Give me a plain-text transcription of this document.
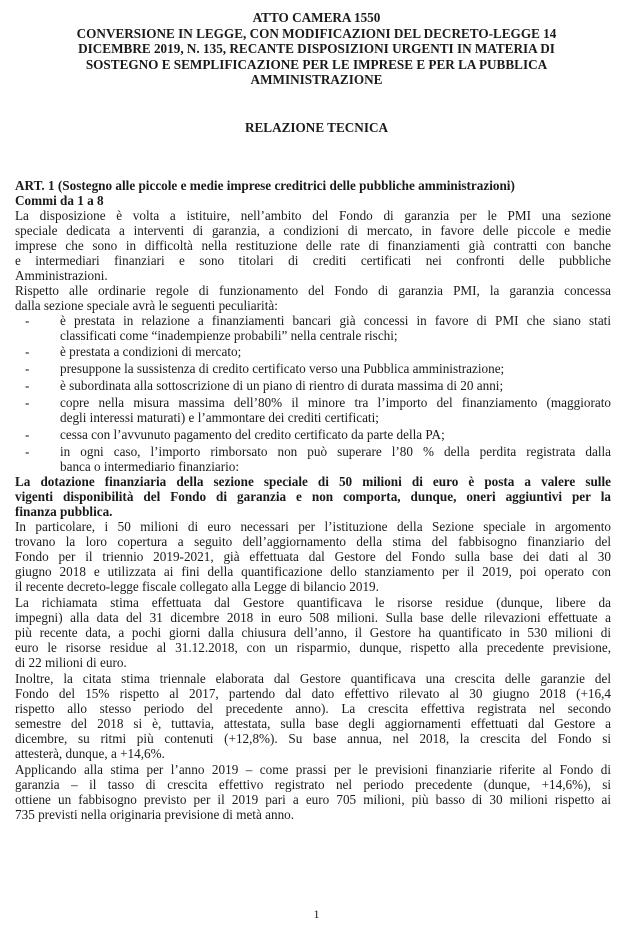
ATTO CAMERA 1550
CONVERSIONE IN LEGGE, CON MODIFICAZIONI DEL DECRETO-LEGGE 14
DICEMBRE 2019, N. 135, RECANTE DISPOSIZIONI URGENTI IN MATERIA DI
SOSTEGNO E SEMPLIFICAZIONE PER LE IMPRESE E PER LA PUBBLICA
AMMINISTRAZIONE
RELAZIONE TECNICA
ART. 1 (Sostegno alle piccole e medie imprese creditrici delle pubbliche amministrazioni)
Commi da 1 a 8
La disposizione è volta a istituire, nell’ambito del Fondo di garanzia per le PMI una sezione
speciale dedicata a interventi di garanzia, a condizioni di mercato, in favore delle piccole e medie
imprese che sono in difficoltà nella restituzione delle rate di finanziamenti già contratti con banche
e intermediari finanziari e sono titolari di crediti certificati nei confronti delle pubbliche
Amministrazioni.
Rispetto alle ordinarie regole di funzionamento del Fondo di garanzia PMI, la garanzia concessa
dalla sezione speciale avrà le seguenti peculiarità:
- è prestata in relazione a finanziamenti bancari già concessi in favore di PMI che siano stati
classificati come “inadempienze probabili” nella centrale rischi;
- è prestata a condizioni di mercato;
- presuppone la sussistenza di credito certificato verso una Pubblica amministrazione;
- è subordinata alla sottoscrizione di un piano di rientro di durata massima di 20 anni;
- copre nella misura massima dell’80% il minore tra l’importo del finanziamento (maggiorato
degli interessi maturati) e l’ammontare dei crediti certificati;
- cessa con l’avvunuto pagamento del credito certificato da parte della PA;
- in ogni caso, l’importo rimborsato non può superare l’80 % della perdita registrata dalla
banca o intermediario finanziario:
La dotazione finanziaria della sezione speciale di 50 milioni di euro è posta a valere sulle
vigenti disponibilità del Fondo di garanzia e non comporta, dunque, oneri aggiuntivi per la
finanza pubblica.
In particolare, i 50 milioni di euro necessari per l’istituzione della Sezione speciale in argomento
trovano la loro copertura a seguito dell’aggiornamento della stima del fabbisogno finanziario del
Fondo per il triennio 2019-2021, già effettuata dal Gestore del Fondo sulla base dei dati al 30
giugno 2018 e utilizzata ai fini della quantificazione dello stanziamento per il 2019, poi operato con
il recente decreto-legge fiscale collegato alla Legge di bilancio 2019.
La richiamata stima effettuata dal Gestore quantificava le risorse residue (dunque, libere da
impegni) alla data del 31 dicembre 2018 in euro 508 milioni. Sulla base delle rilevazioni effettuate a
più recente data, a pochi giorni dalla chiusura dell’anno, il Gestore ha quantificato in 530 milioni di
euro le risorse residue al 31.12.2018, con un risparmio, dunque, rispetto alla precedente previsione,
di 22 milioni di euro.
Inoltre, la citata stima triennale elaborata dal Gestore quantificava una crescita delle garanzie del
Fondo del 15% rispetto al 2017, partendo dal dato effettivo rilevato al 30 giugno 2018 (+16,4
rispetto allo stesso periodo del precedente anno). La crescita effettiva registrata nel secondo
semestre del 2018 si è, tuttavia, attestata, sulla base degli aggiornamenti effettuati dal Gestore a
dicembre, su ritmi più contenuti (+12,8%). Su base annua, nel 2018, la crescita del Fondo si
attesterà, dunque, a +14,6%.
Applicando alla stima per l’anno 2019 – come prassi per le previsioni finanziarie riferite al Fondo di
garanzia – il tasso di crescita effettivo registrato nel periodo precedente (dunque, +14,6%), si
ottiene un fabbisogno previsto per il 2019 pari a euro 705 milioni, più basso di 30 milioni rispetto ai
735 previsti nella originaria previsione di metà anno.
1
